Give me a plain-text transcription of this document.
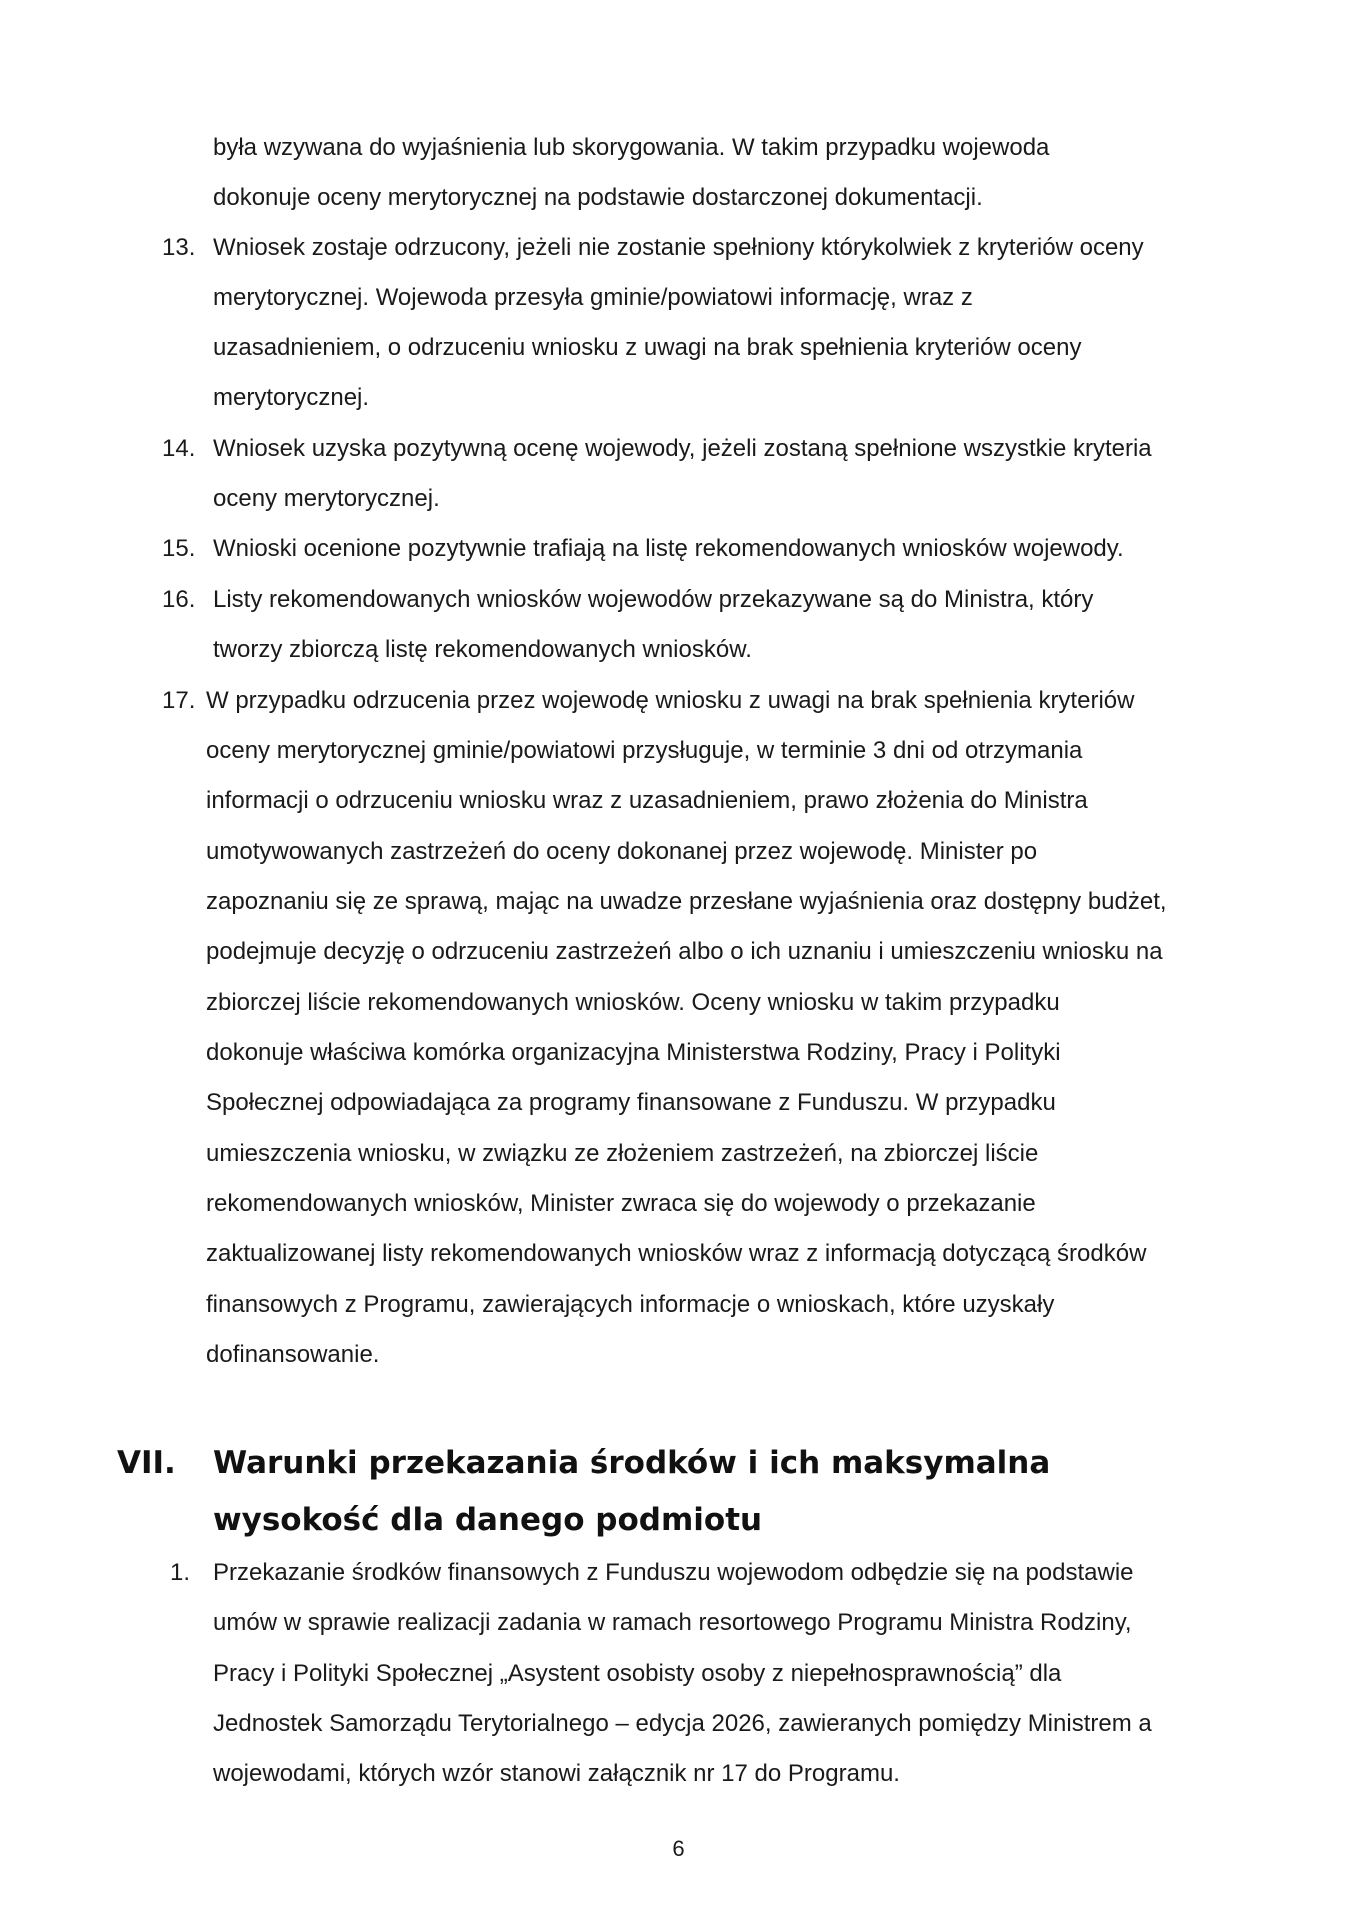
była wzywana do wyjaśnienia lub skorygowania. W takim przypadku wojewoda
dokonuje oceny merytorycznej na podstawie dostarczonej dokumentacji.
13. Wniosek zostaje odrzucony, jeżeli nie zostanie spełniony którykolwiek z kryteriów oceny
merytorycznej. Wojewoda przesyła gminie/powiatowi informację, wraz z
uzasadnieniem, o odrzuceniu wniosku z uwagi na brak spełnienia kryteriów oceny
merytorycznej.
14. Wniosek uzyska pozytywną ocenę wojewody, jeżeli zostaną spełnione wszystkie kryteria
oceny merytorycznej.
15. Wnioski ocenione pozytywnie trafiają na listę rekomendowanych wniosków wojewody.
16. Listy rekomendowanych wniosków wojewodów przekazywane są do Ministra, który
tworzy zbiorczą listę rekomendowanych wniosków.
17. W przypadku odrzucenia przez wojewodę wniosku z uwagi na brak spełnienia kryteriów
oceny merytorycznej gminie/powiatowi przysługuje, w terminie 3 dni od otrzymania
informacji o odrzuceniu wniosku wraz z uzasadnieniem, prawo złożenia do Ministra
umotywowanych zastrzeżeń do oceny dokonanej przez wojewodę. Minister po
zapoznaniu się ze sprawą, mając na uwadze przesłane wyjaśnienia oraz dostępny budżet,
podejmuje decyzję o odrzuceniu zastrzeżeń albo o ich uznaniu i umieszczeniu wniosku na
zbiorczej liście rekomendowanych wniosków. Oceny wniosku w takim przypadku
dokonuje właściwa komórka organizacyjna Ministerstwa Rodziny, Pracy i Polityki
Społecznej odpowiadająca za programy finansowane z Funduszu. W przypadku
umieszczenia wniosku, w związku ze złożeniem zastrzeżeń, na zbiorczej liście
rekomendowanych wniosków, Minister zwraca się do wojewody o przekazanie
zaktualizowanej listy rekomendowanych wniosków wraz z informacją dotyczącą środków
finansowych z Programu, zawierających informacje o wnioskach, które uzyskały
dofinansowanie.
VII. Warunki przekazania środków i ich maksymalna
wysokość dla danego podmiotu
1. Przekazanie środków finansowych z Funduszu wojewodom odbędzie się na podstawie
umów w sprawie realizacji zadania w ramach resortowego Programu Ministra Rodziny,
Pracy i Polityki Społecznej „Asystent osobisty osoby z niepełnosprawnością” dla
Jednostek Samorządu Terytorialnego – edycja 2026, zawieranych pomiędzy Ministrem a
wojewodami, których wzór stanowi załącznik nr 17 do Programu.
6
